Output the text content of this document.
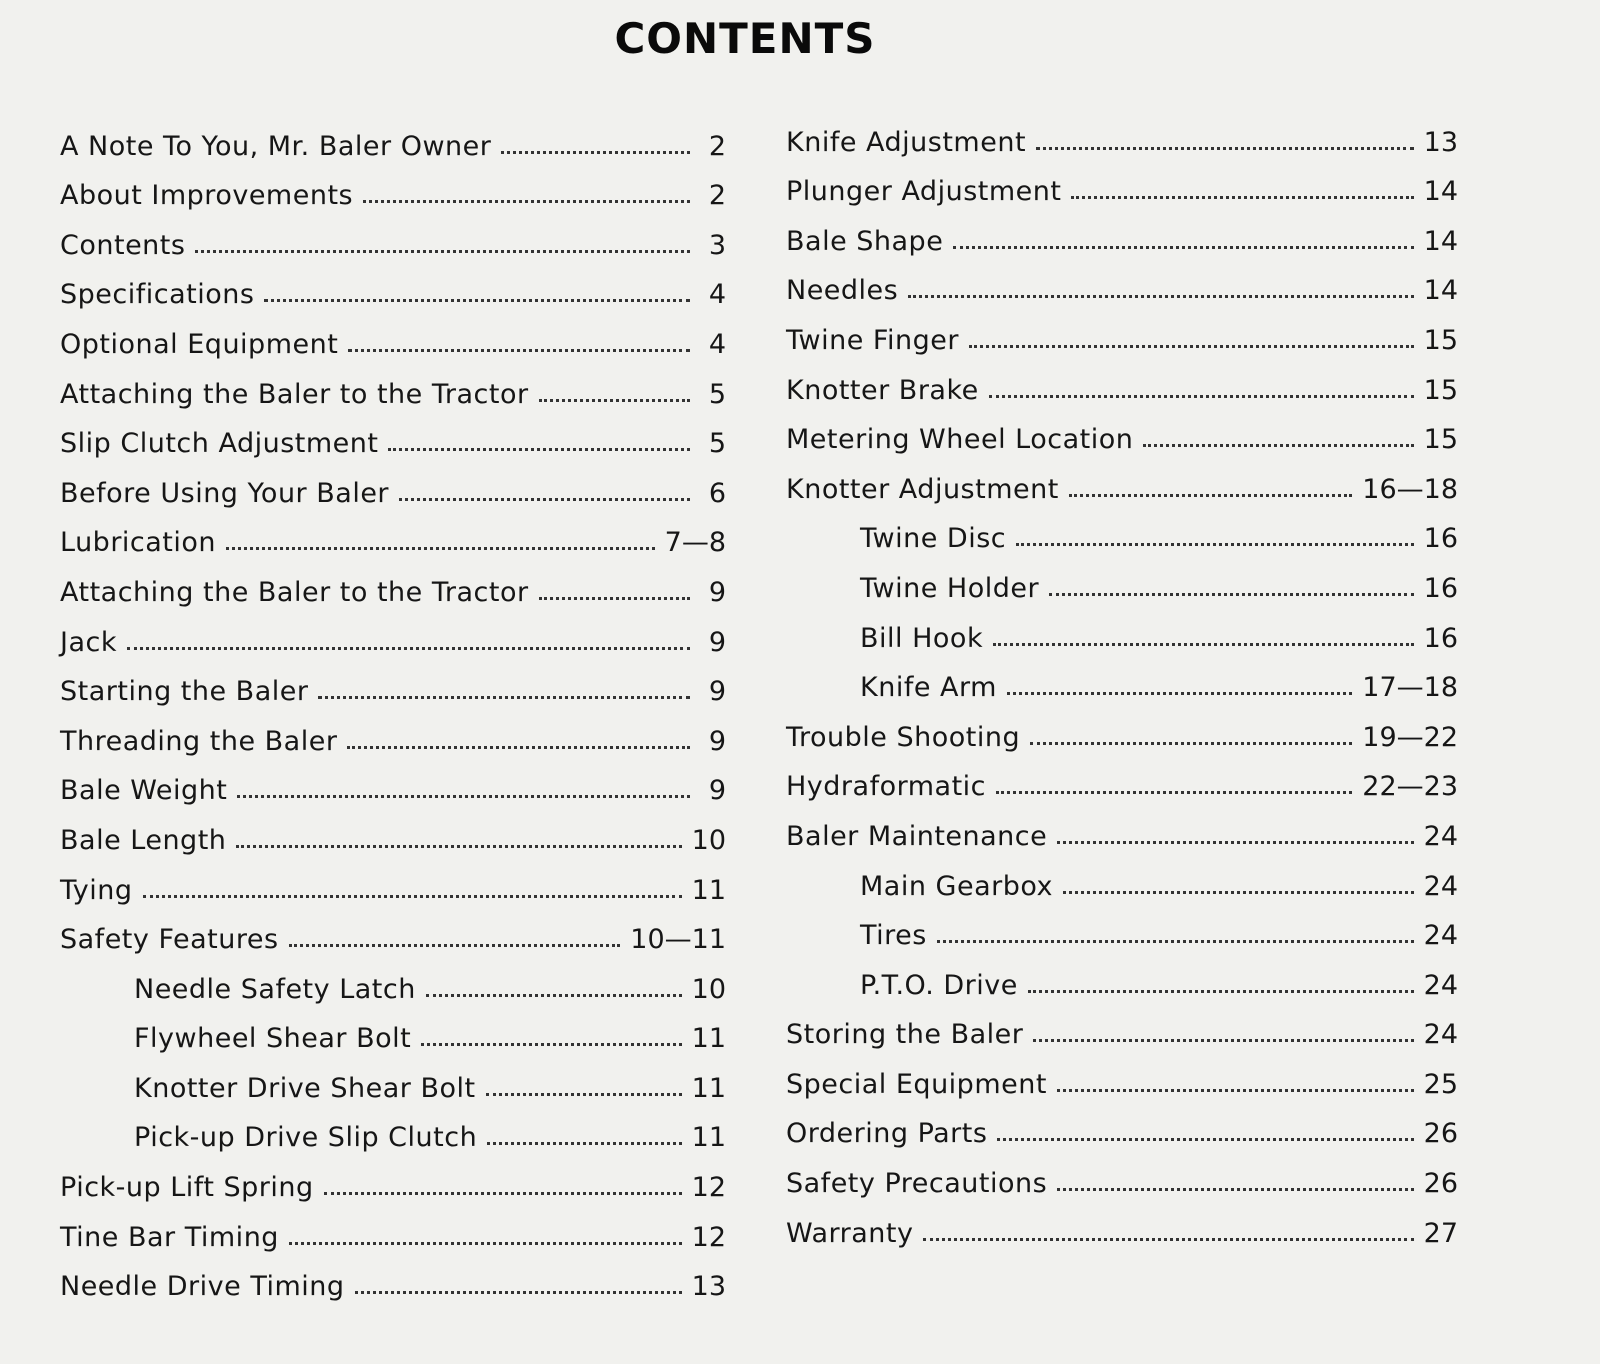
CONTENTS
A Note To You, Mr. Baler Owner	2
About Improvements	2
Contents	3
Specifications	4
Optional Equipment	4
Attaching the Baler to the Tractor	5
Slip Clutch Adjustment	5
Before Using Your Baler	6
Lubrication	7—8
Attaching the Baler to the Tractor	9
Jack	9
Starting the Baler	9
Threading the Baler	9
Bale Weight	9
Bale Length	10
Tying	11
Safety Features	10—11
Needle Safety Latch	10
Flywheel Shear Bolt	11
Knotter Drive Shear Bolt	11
Pick-up Drive Slip Clutch	11
Pick-up Lift Spring	12
Tine Bar Timing	12
Needle Drive Timing	13
Knife Adjustment	13
Plunger Adjustment	14
Bale Shape	14
Needles	14
Twine Finger	15
Knotter Brake	15
Metering Wheel Location	15
Knotter Adjustment	16—18
Twine Disc	16
Twine Holder	16
Bill Hook	16
Knife Arm	17—18
Trouble Shooting	19—22
Hydraformatic	22—23
Baler Maintenance	24
Main Gearbox	24
Tires	24
P.T.O. Drive	24
Storing the Baler	24
Special Equipment	25
Ordering Parts	26
Safety Precautions	26
Warranty	27
